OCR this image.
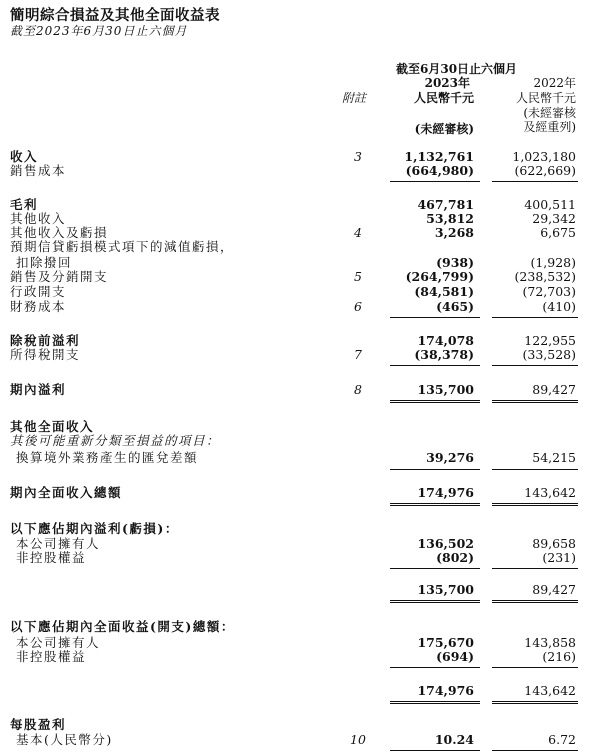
簡明綜合損益及其他全面收益表
截至2023年6月30日止六個月
截至6月30日止六個月
附註
2023年	2022年
人民幣千元	人民幣千元
(未經審核)
(未經審核
及經重列)
收入	3	1,132,761	1,023,180
銷售成本	(664,980)	(622,669)
毛利	467,781	400,511
其他收入	53,812	29,342
其他收入及虧損	4	3,268	6,675
預期信貸虧損模式項下的減值虧損，
扣除撥回	(938)	(1,928)
銷售及分銷開支	5	(264,799)	(238,532)
行政開支	(84,581)	(72,703)
財務成本	6	(465)	(410)
除稅前溢利	174,078	122,955
所得稅開支	7	(38,378)	(33,528)
期內溢利	8	135,700	89,427
其他全面收入
其後可能重新分類至損益的項目：
換算境外業務產生的匯兌差額	39,276	54,215
期內全面收入總額	174,976	143,642
以下應佔期內溢利(虧損)：
本公司擁有人	136,502	89,658
非控股權益	(802)	(231)
135,700	89,427
以下應佔期內全面收益(開支)總額：
本公司擁有人	175,670	143,858
非控股權益	(694)	(216)
174,976	143,642
每股盈利
基本(人民幣分)	10	10.24	6.72
